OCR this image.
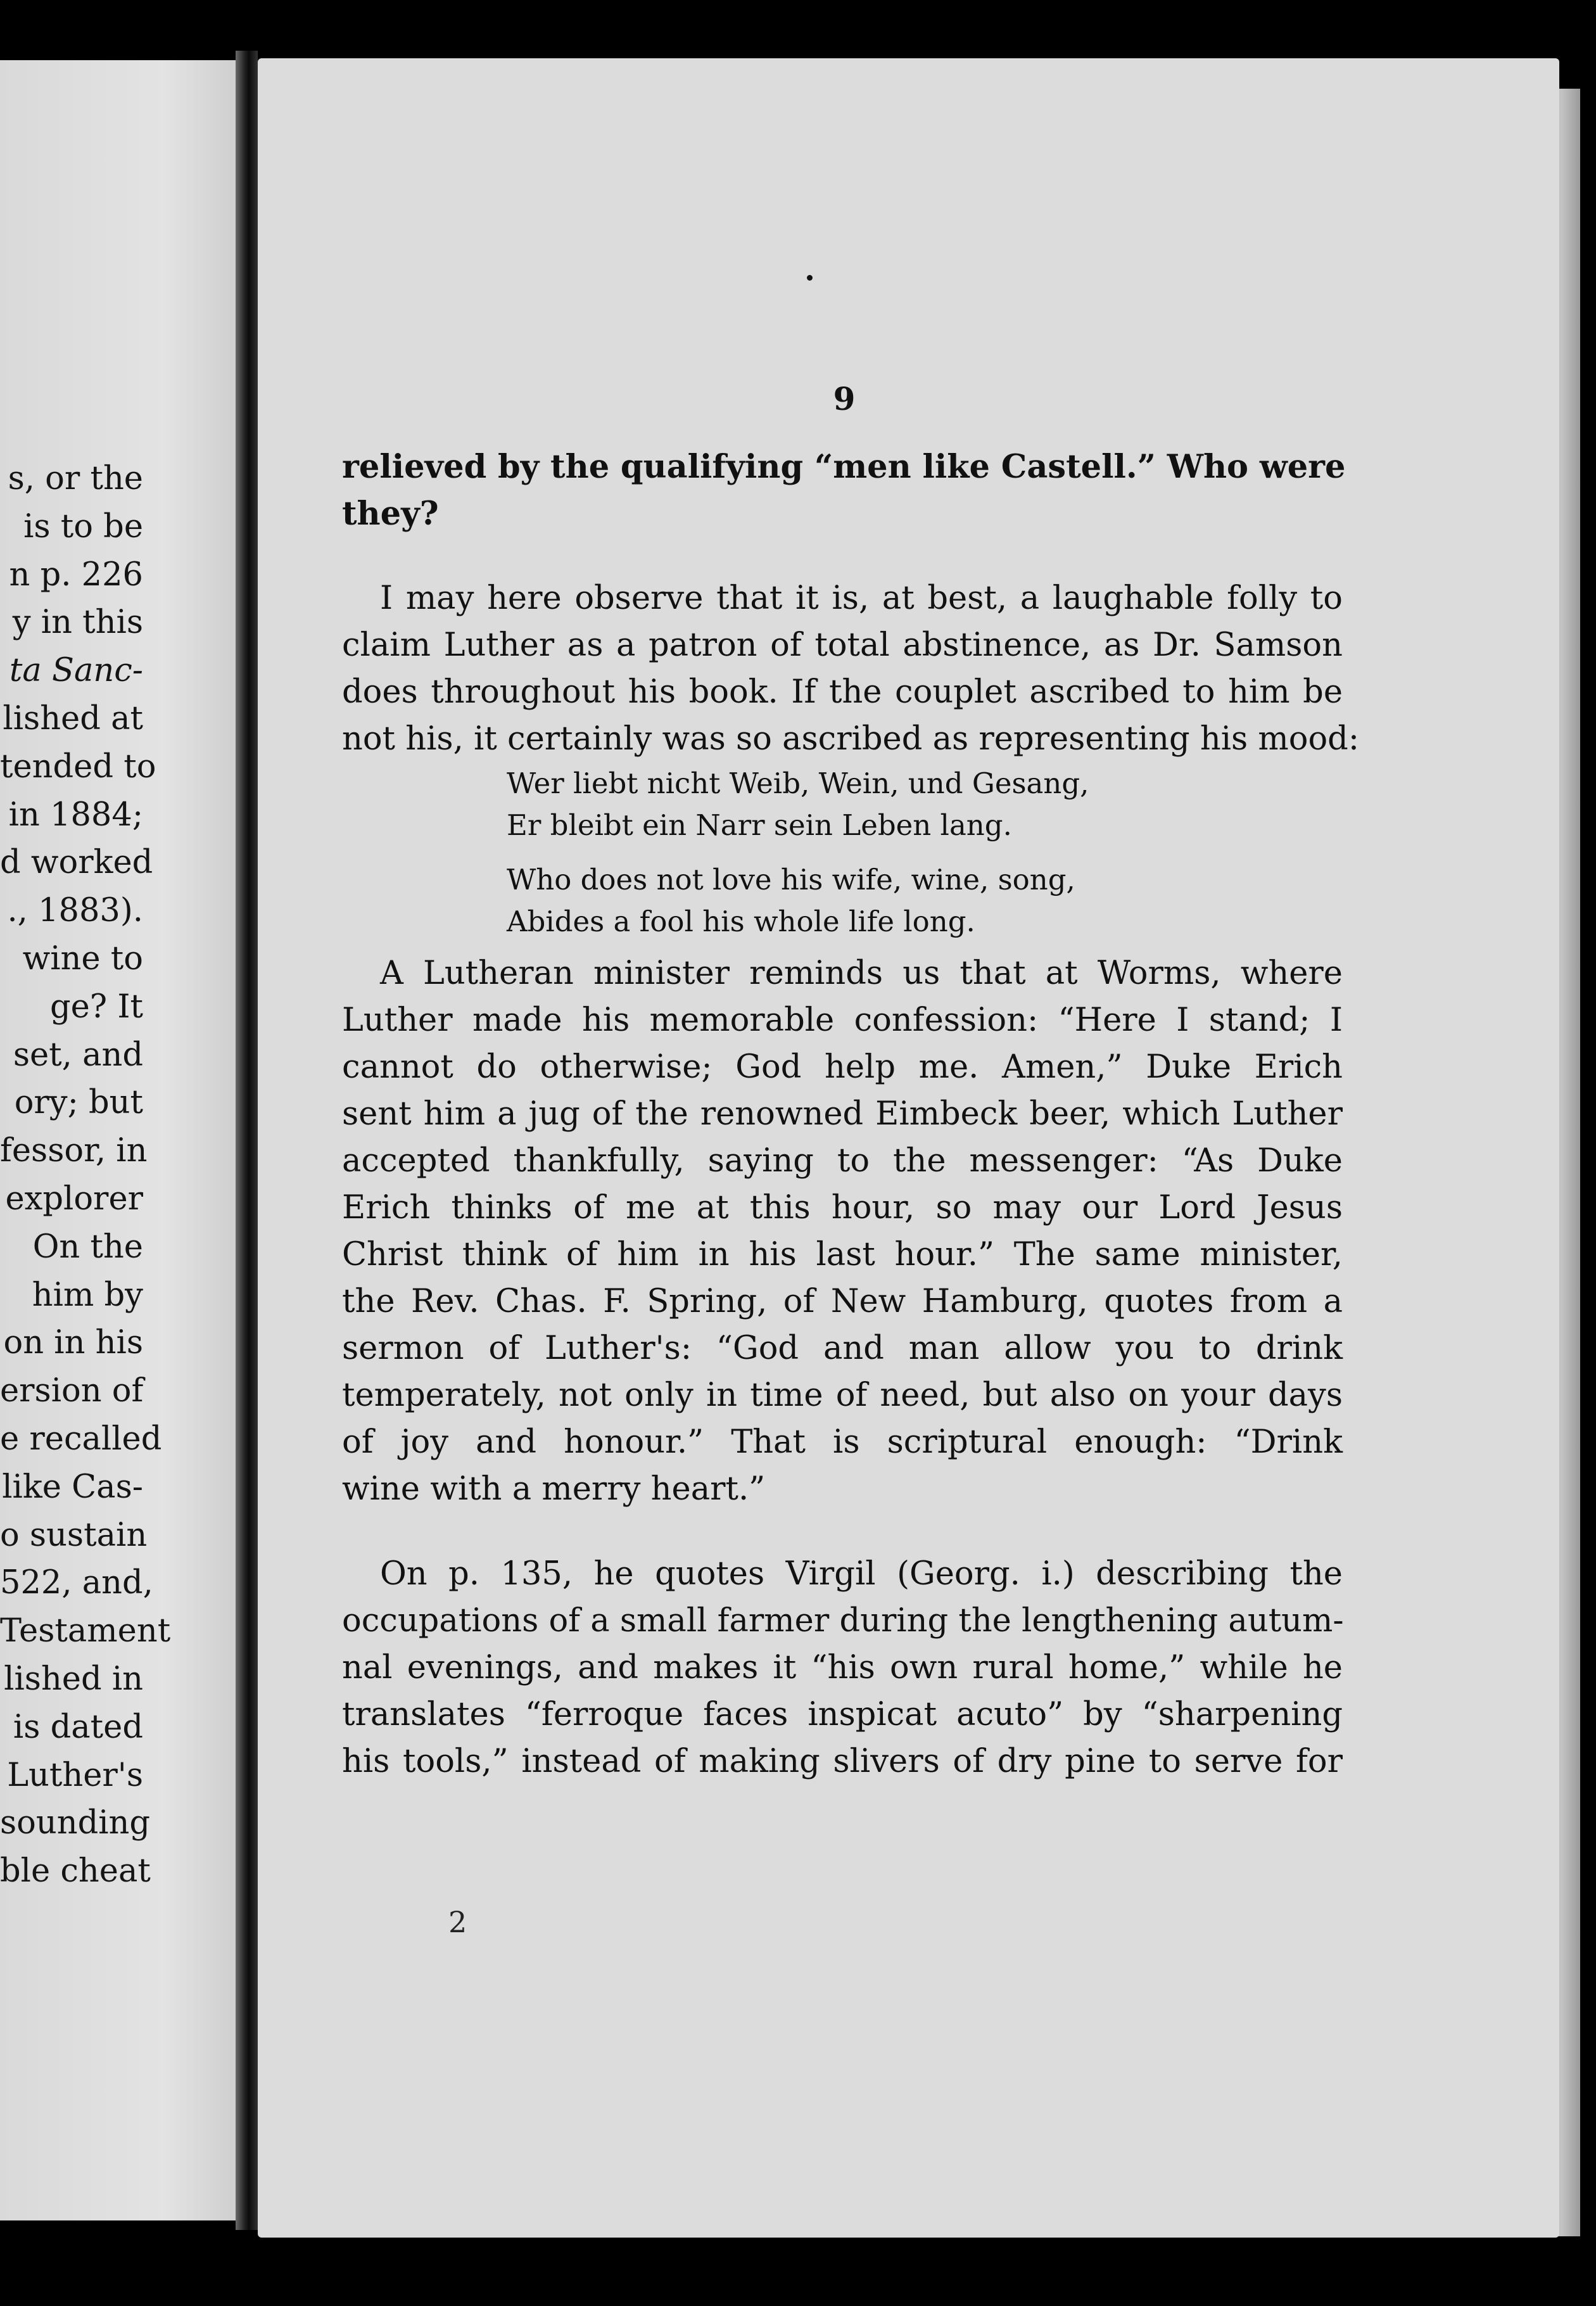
s, or the
is to be
n p. 226
y in this
ta Sanc-
lished at
tended to
in 1884;
d worked
., 1883).
wine to
ge? It
set, and
ory; but
fessor, in
explorer
On the
him by
on in his
ersion of
e recalled
like Cas-
o sustain
522, and,
Testament
lished in
is dated
Luther's
sounding
ble cheat
9
relieved by the qualifying “men like Castell.” Who were
they?
I may here observe that it is, at best, a laughable folly to
claim Luther as a patron of total abstinence, as Dr. Samson
does throughout his book. If the couplet ascribed to him be
not his, it certainly was so ascribed as representing his mood:
Wer liebt nicht Weib, Wein, und Gesang,
Er bleibt ein Narr sein Leben lang.
Who does not love his wife, wine, song,
Abides a fool his whole life long.
A Lutheran minister reminds us that at Worms, where
Luther made his memorable confession: “Here I stand; I
cannot do otherwise; God help me. Amen,” Duke Erich
sent him a jug of the renowned Eimbeck beer, which Luther
accepted thankfully, saying to the messenger: “As Duke
Erich thinks of me at this hour, so may our Lord Jesus
Christ think of him in his last hour.” The same minister,
the Rev. Chas. F. Spring, of New Hamburg, quotes from a
sermon of Luther's: “God and man allow you to drink
temperately, not only in time of need, but also on your days
of joy and honour.” That is scriptural enough: “Drink
wine with a merry heart.”
On p. 135, he quotes Virgil (Georg. i.) describing the
occupations of a small farmer during the lengthening autum-
nal evenings, and makes it “his own rural home,” while he
translates “ferroque faces inspicat acuto” by “sharpening
his tools,” instead of making slivers of dry pine to serve for
2
